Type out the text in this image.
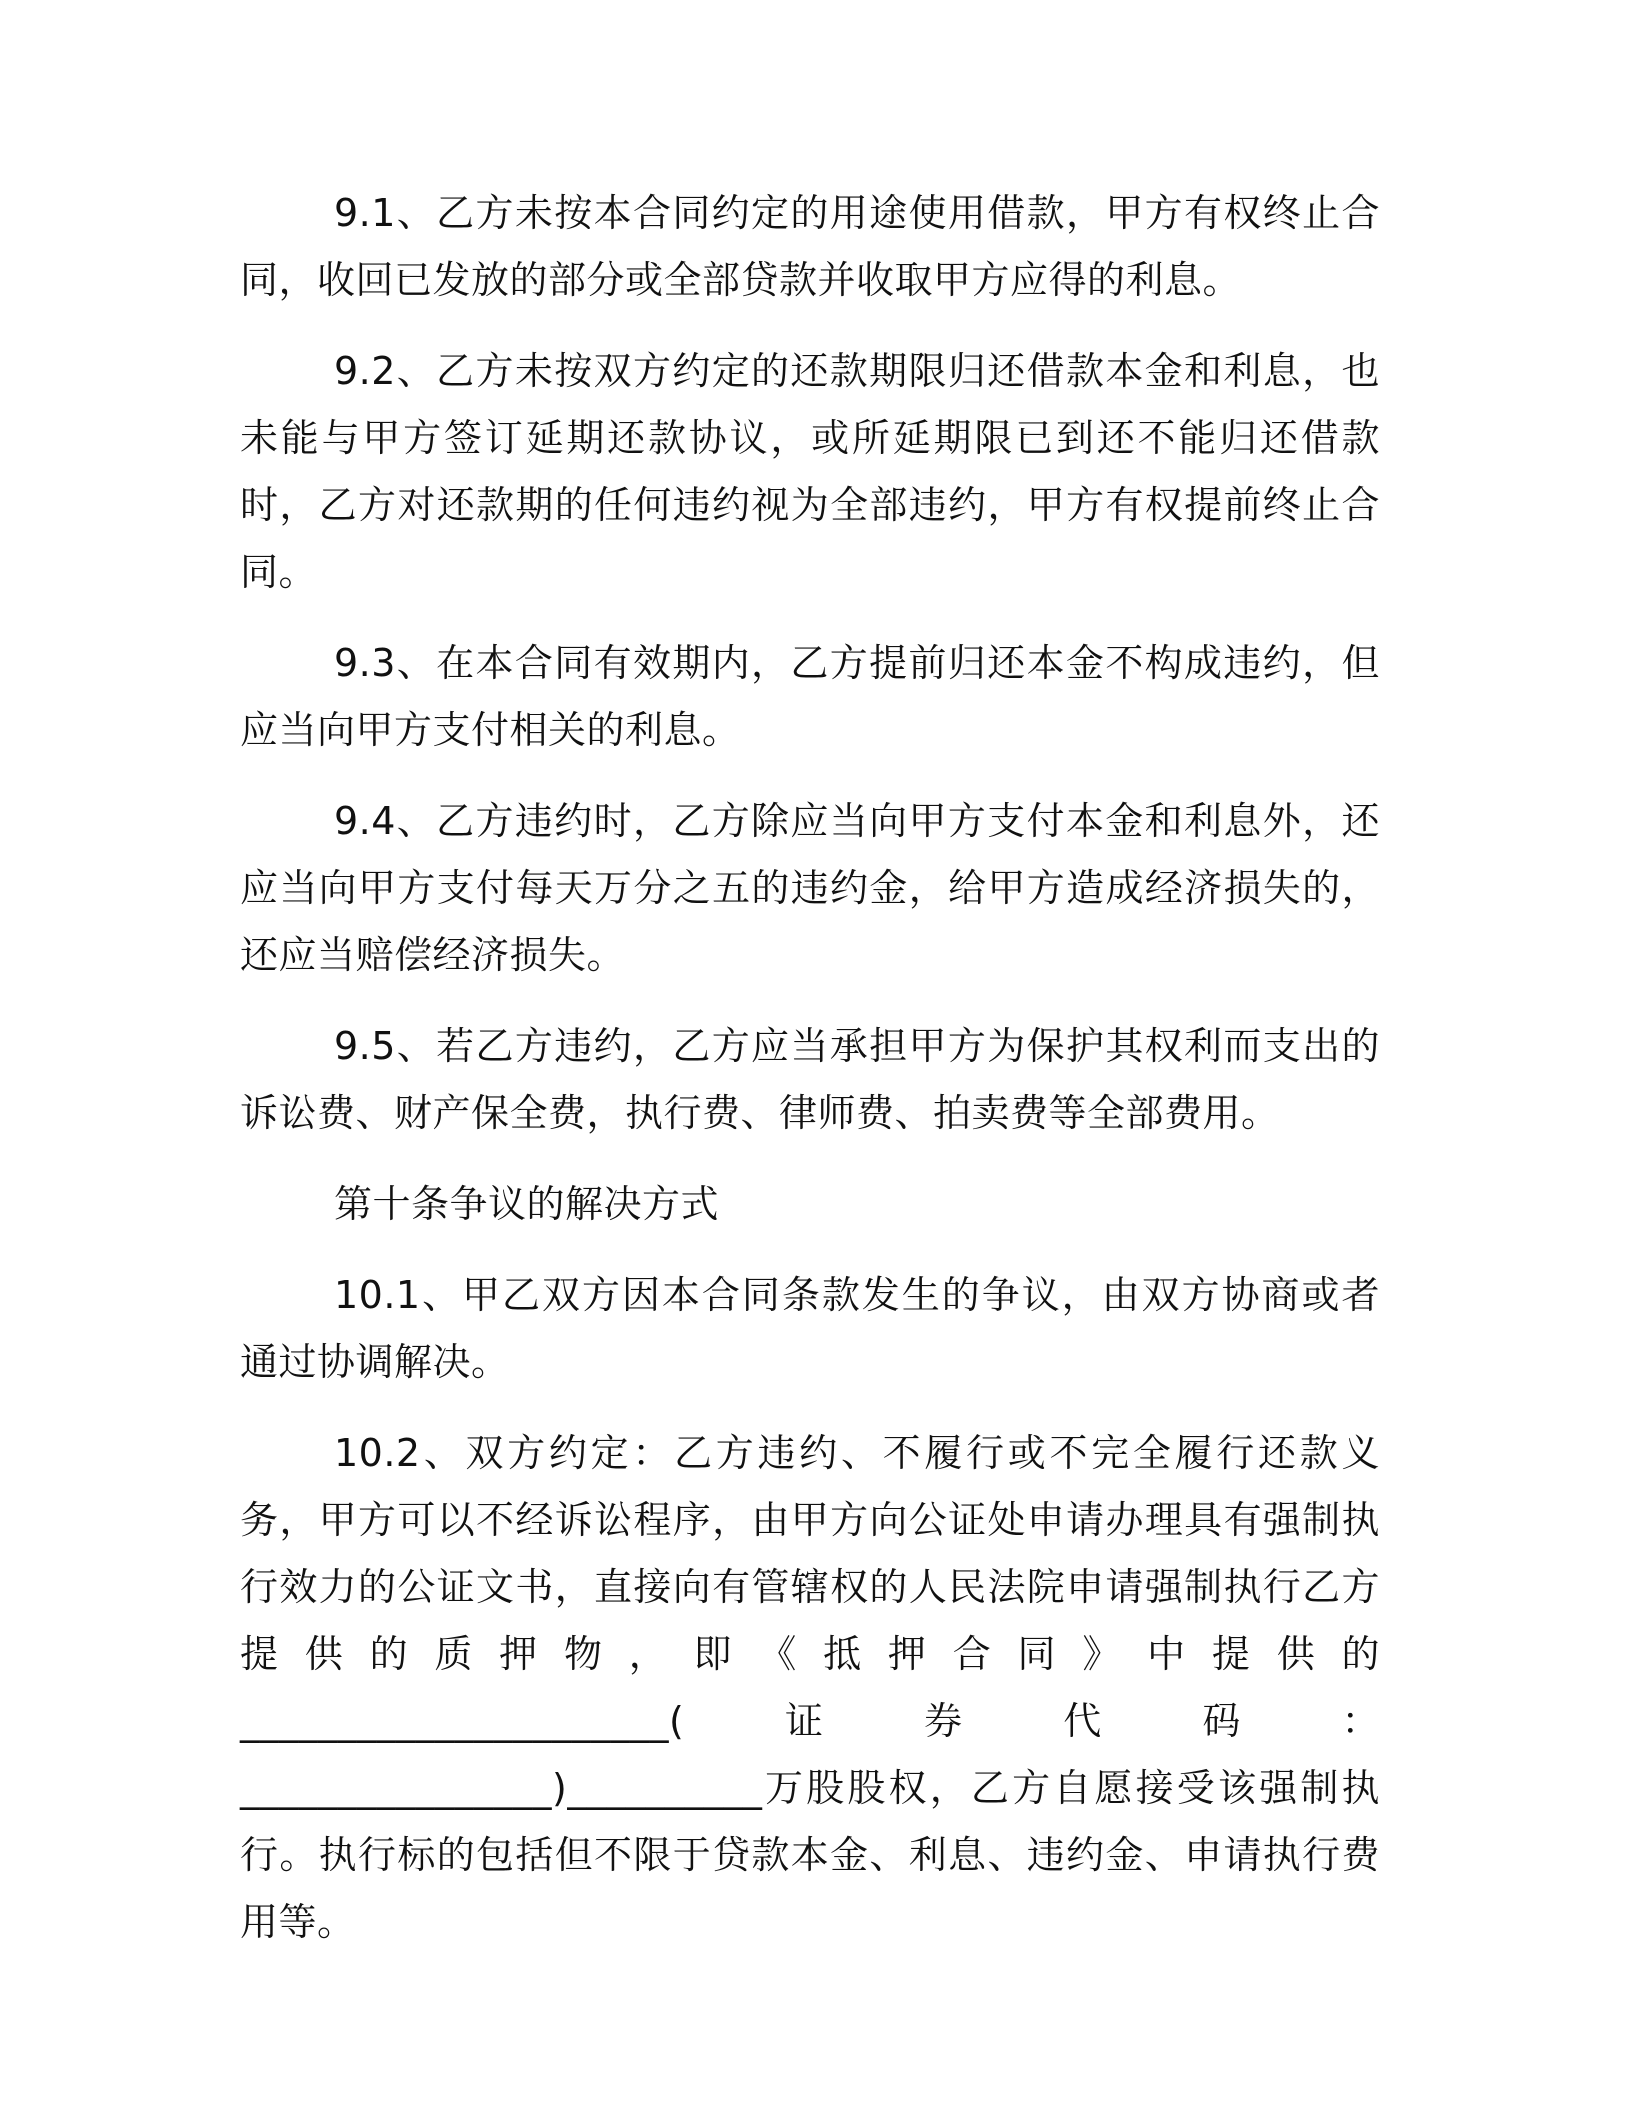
9.1、乙方未按本合同约定的用途使用借款，甲方有权终止合同，收回已发放的部分或全部贷款并收取甲方应得的利息。

9.2、乙方未按双方约定的还款期限归还借款本金和利息，也未能与甲方签订延期还款协议，或所延期限已到还不能归还借款时，乙方对还款期的任何违约视为全部违约，甲方有权提前终止合同。

9.3、在本合同有效期内，乙方提前归还本金不构成违约，但应当向甲方支付相关的利息。

9.4、乙方违约时，乙方除应当向甲方支付本金和利息外，还应当向甲方支付每天万分之五的违约金，给甲方造成经济损失的，还应当赔偿经济损失。

9.5、若乙方违约，乙方应当承担甲方为保护其权利而支出的诉讼费、财产保全费，执行费、律师费、拍卖费等全部费用。

第十条争议的解决方式

10.1、甲乙双方因本合同条款发生的争议，由双方协商或者通过协调解决。

10.2、双方约定：乙方违约、不履行或不完全履行还款义务，甲方可以不经诉讼程序，由甲方向公证处申请办理具有强制执行效力的公证文书，直接向有管辖权的人民法院申请强制执行乙方提供的质押物，即《抵押合同》中提供的______________________(证券代码：________________)__________万股股权，乙方自愿接受该强制执行。执行标的包括但不限于贷款本金、利息、违约金、申请执行费用等。
